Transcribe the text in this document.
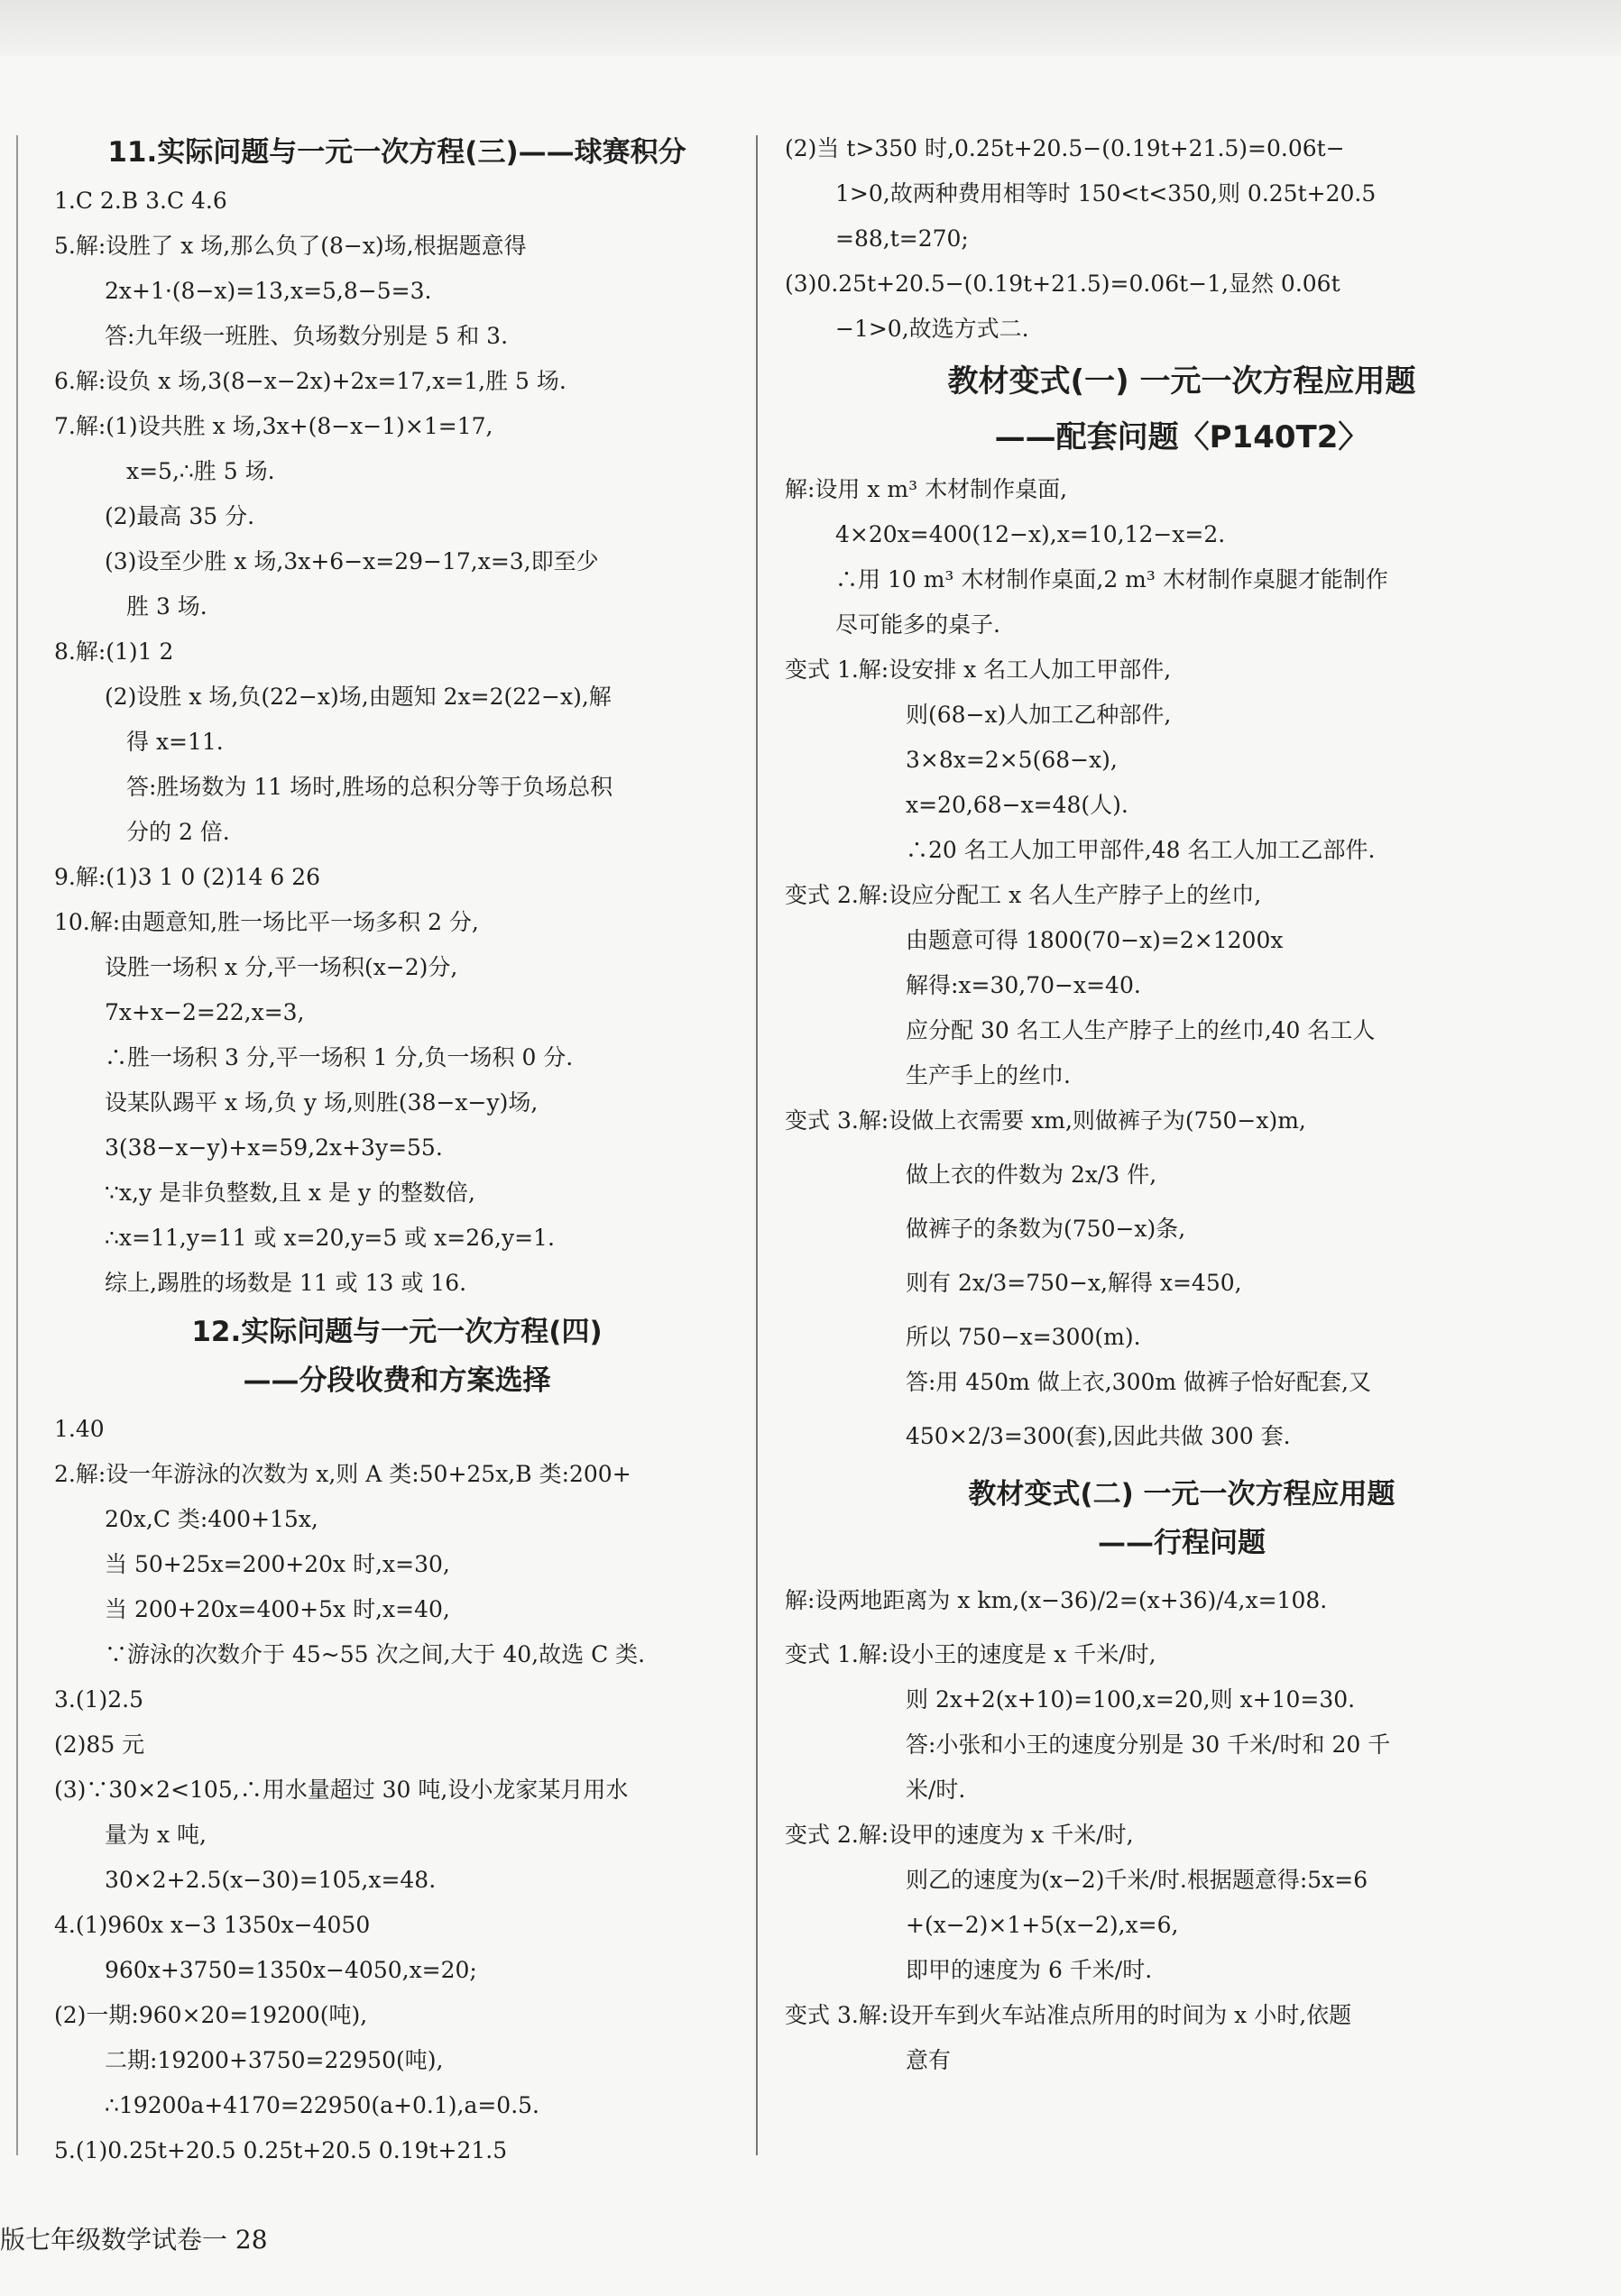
11.实际问题与一元一次方程(三)——球赛积分
1.C 2.B 3.C 4.6
5.解:设胜了 x 场,那么负了(8−x)场,根据题意得
2x+1·(8−x)=13,x=5,8−5=3.
答:九年级一班胜、负场数分别是 5 和 3.
6.解:设负 x 场,3(8−x−2x)+2x=17,x=1,胜 5 场.
7.解:(1)设共胜 x 场,3x+(8−x−1)×1=17,
x=5,∴胜 5 场.
(2)最高 35 分.
(3)设至少胜 x 场,3x+6−x=29−17,x=3,即至少
胜 3 场.
8.解:(1)1 2
(2)设胜 x 场,负(22−x)场,由题知 2x=2(22−x),解
得 x=11.
答:胜场数为 11 场时,胜场的总积分等于负场总积
分的 2 倍.
9.解:(1)3 1 0 (2)14 6 26
10.解:由题意知,胜一场比平一场多积 2 分,
设胜一场积 x 分,平一场积(x−2)分,
7x+x−2=22,x=3,
∴胜一场积 3 分,平一场积 1 分,负一场积 0 分.
设某队踢平 x 场,负 y 场,则胜(38−x−y)场,
3(38−x−y)+x=59,2x+3y=55.
∵x,y 是非负整数,且 x 是 y 的整数倍,
∴x=11,y=11 或 x=20,y=5 或 x=26,y=1.
综上,踢胜的场数是 11 或 13 或 16.
12.实际问题与一元一次方程(四)
——分段收费和方案选择
1.40
2.解:设一年游泳的次数为 x,则 A 类:50+25x,B 类:200+
20x,C 类:400+15x,
当 50+25x=200+20x 时,x=30,
当 200+20x=400+5x 时,x=40,
∵游泳的次数介于 45~55 次之间,大于 40,故选 C 类.
3.(1)2.5
(2)85 元
(3)∵30×2<105,∴用水量超过 30 吨,设小龙家某月用水
量为 x 吨,
30×2+2.5(x−30)=105,x=48.
4.(1)960x x−3 1350x−4050
960x+3750=1350x−4050,x=20;
(2)一期:960×20=19200(吨),
二期:19200+3750=22950(吨),
∴19200a+4170=22950(a+0.1),a=0.5.
5.(1)0.25t+20.5 0.25t+20.5 0.19t+21.5
(2)当 t>350 时,0.25t+20.5−(0.19t+21.5)=0.06t−
1>0,故两种费用相等时 150<t<350,则 0.25t+20.5
=88,t=270;
(3)0.25t+20.5−(0.19t+21.5)=0.06t−1,显然 0.06t
−1>0,故选方式二.
教材变式(一) 一元一次方程应用题
——配套问题〈P140T2〉
解:设用 x m³ 木材制作桌面,
4×20x=400(12−x),x=10,12−x=2.
∴用 10 m³ 木材制作桌面,2 m³ 木材制作桌腿才能制作
尽可能多的桌子.
变式 1.解:设安排 x 名工人加工甲部件,
则(68−x)人加工乙种部件,
3×8x=2×5(68−x),
x=20,68−x=48(人).
∴20 名工人加工甲部件,48 名工人加工乙部件.
变式 2.解:设应分配工 x 名人生产脖子上的丝巾,
由题意可得 1800(70−x)=2×1200x
解得:x=30,70−x=40.
应分配 30 名工人生产脖子上的丝巾,40 名工人
生产手上的丝巾.
变式 3.解:设做上衣需要 xm,则做裤子为(750−x)m,
做上衣的件数为 2x/3 件,
做裤子的条数为(750−x)条,
则有 2x/3=750−x,解得 x=450,
所以 750−x=300(m).
答:用 450m 做上衣,300m 做裤子恰好配套,又
450×2/3=300(套),因此共做 300 套.
教材变式(二) 一元一次方程应用题
——行程问题
解:设两地距离为 x km,(x−36)/2=(x+36)/4,x=108.
变式 1.解:设小王的速度是 x 千米/时,
则 2x+2(x+10)=100,x=20,则 x+10=30.
答:小张和小王的速度分别是 30 千米/时和 20 千
米/时.
变式 2.解:设甲的速度为 x 千米/时,
则乙的速度为(x−2)千米/时.根据题意得:5x=6
+(x−2)×1+5(x−2),x=6,
即甲的速度为 6 千米/时.
变式 3.解:设开车到火车站准点所用的时间为 x 小时,依题
意有
版七年级数学试卷一 28
